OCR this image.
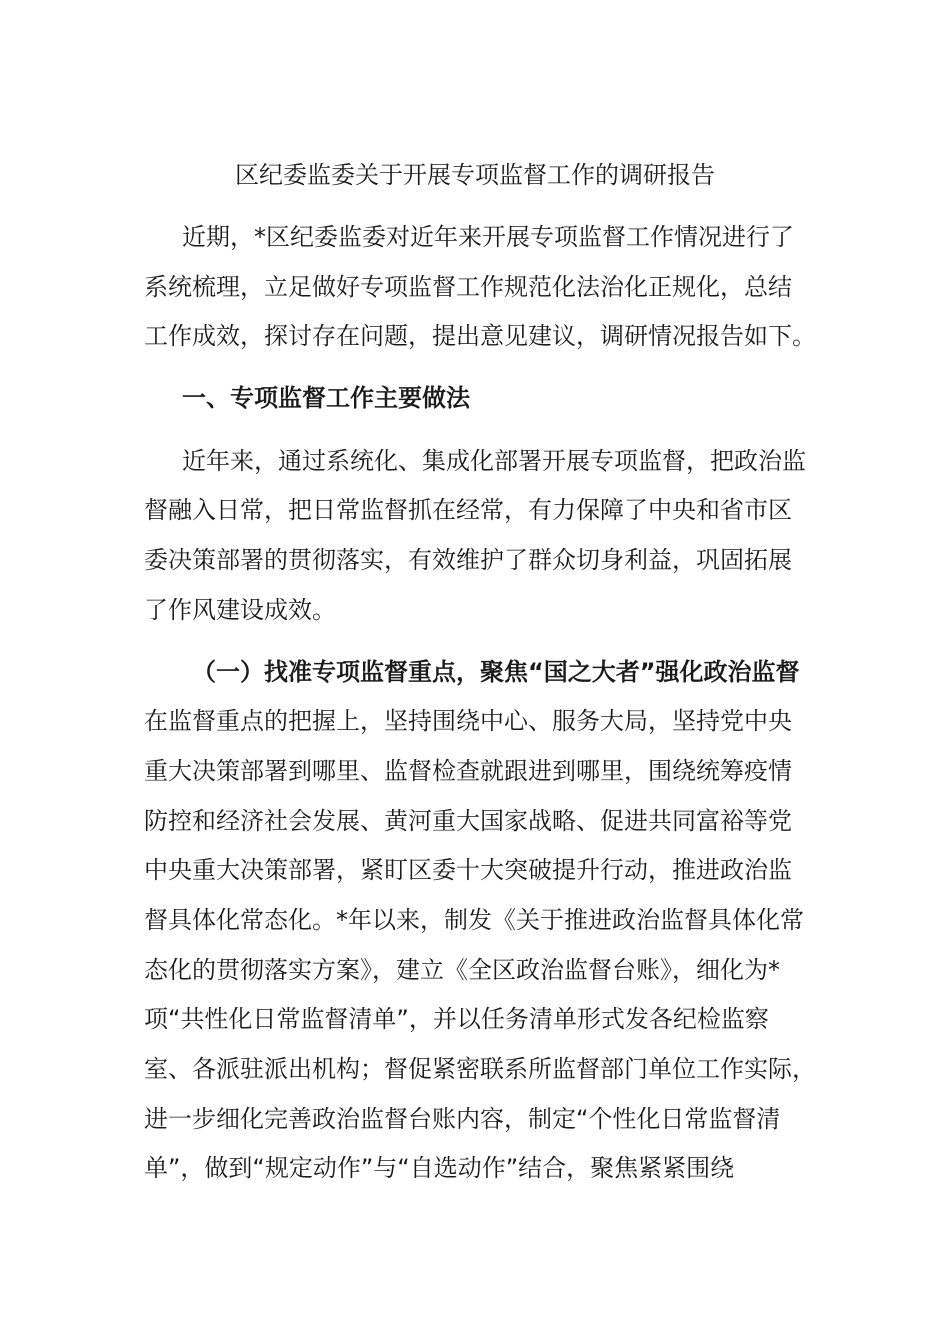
区纪委监委关于开展专项监督工作的调研报告
近期，*区纪委监委对近年来开展专项监督工作情况进行了
系统梳理，立足做好专项监督工作规范化法治化正规化，总结
工作成效，探讨存在问题，提出意见建议，调研情况报告如下。
一、专项监督工作主要做法
近年来，通过系统化、集成化部署开展专项监督，把政治监
督融入日常，把日常监督抓在经常，有力保障了中央和省市区
委决策部署的贯彻落实，有效维护了群众切身利益，巩固拓展
了作风建设成效。
（一）找准专项监督重点，聚焦“国之大者”强化政治监督
在监督重点的把握上，坚持围绕中心、服务大局，坚持党中央
重大决策部署到哪里、监督检查就跟进到哪里，围绕统筹疫情
防控和经济社会发展、黄河重大国家战略、促进共同富裕等党
中央重大决策部署，紧盯区委十大突破提升行动，推进政治监
督具体化常态化。*年以来，制发《关于推进政治监督具体化常
态化的贯彻落实方案》，建立《全区政治监督台账》，细化为*
项“共性化日常监督清单”，并以任务清单形式发各纪检监察
室、各派驻派出机构；督促紧密联系所监督部门单位工作实际，
进一步细化完善政治监督台账内容，制定“个性化日常监督清
单”，做到“规定动作”与“自选动作”结合，聚焦紧紧围绕
